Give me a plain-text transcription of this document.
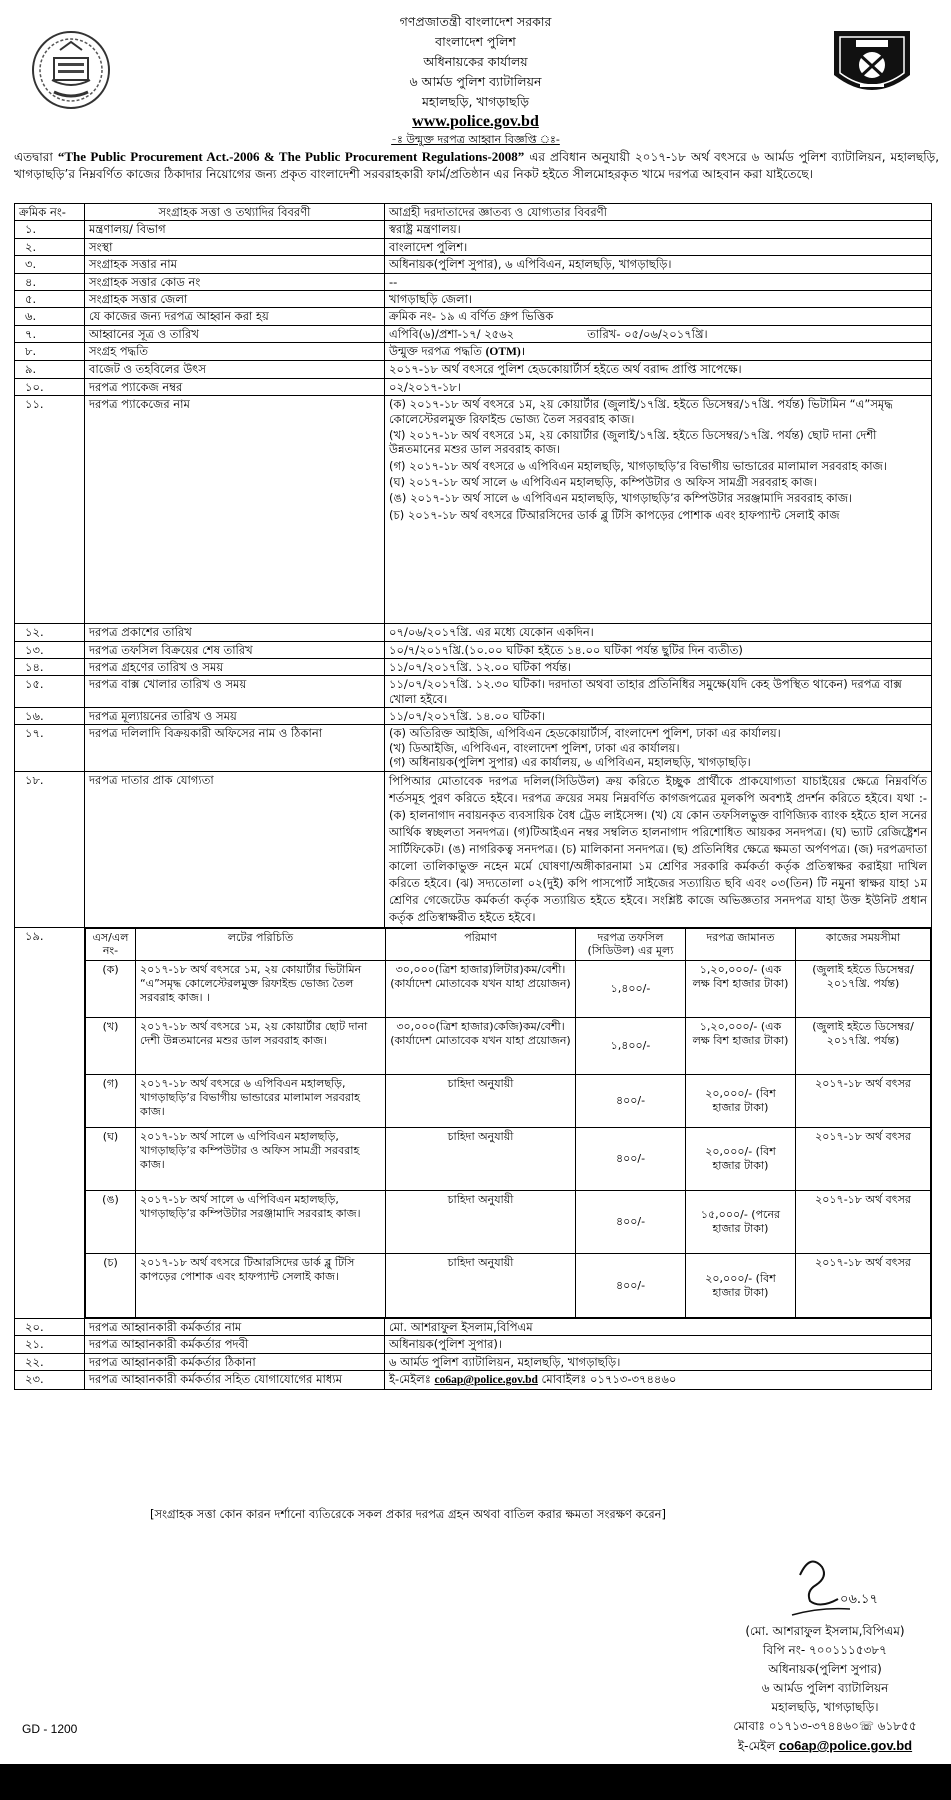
গণপ্রজাতন্ত্রী বাংলাদেশ সরকার
বাংলাদেশ পুলিশ
অধিনায়কের কার্যালয়
৬ আর্মড পুলিশ ব্যাটালিয়ন
মহালছড়ি, খাগড়াছড়ি
www.police.gov.bd
-ঃ উন্মুক্ত দরপত্র আহ্বান বিজ্ঞপ্তি ঃ-
এতদ্বারা “The Public Procurement Act.-2006 & The Public Procurement Regulations-2008” এর প্রবিধান অনুযায়ী ২০১৭-১৮ অর্থ বৎসরে ৬ আর্মড পুলিশ ব্যাটালিয়ন, মহালছড়ি, খাগড়াছড়ি’র নিম্নবর্ণিত কাজের ঠিকাদার নিয়োগের জন্য প্রকৃত বাংলাদেশী সরবরাহকারী ফার্ম/প্রতিষ্ঠান এর নিকট হইতে সীলমোহরকৃত খামে দরপত্র আহবান করা যাইতেছে।
ক্রমিক নং-	সংগ্রাহক সত্তা ও তথ্যাদির বিবরণী	আগ্রহী দরদাতাদের জ্ঞাতব্য ও যোগ্যতার বিবরণী
১.	মন্ত্রণালয়/ বিভাগ	স্বরাষ্ট্র মন্ত্রণালয়।
২.	সংস্থা	বাংলাদেশ পুলিশ।
৩.	সংগ্রাহক সত্তার নাম	অধিনায়ক(পুলিশ সুপার), ৬ এপিবিএন, মহালছড়ি, খাগড়াছড়ি।
৪.	সংগ্রাহক সত্তার কোড নং	--
৫.	সংগ্রাহক সত্তার জেলা	খাগড়াছড়ি জেলা।
৬.	যে কাজের জন্য দরপত্র আহ্বান করা হয়	ক্রমিক নং- ১৯ এ বর্ণিত গ্রুপ ভিত্তিক
৭.	আহ্বানের সূত্র ও তারিখ	এপিবি(৬)/প্রশা-১৭/ ২৫৬২                    তারিখ- ০৫/০৬/২০১৭খ্রি।
৮.	সংগ্রহ পদ্ধতি	উন্মুক্ত দরপত্র পদ্ধতি (OTM)।
৯.	বাজেট ও তহবিলের উৎস	২০১৭-১৮ অর্থ বৎসরে পুলিশ হেডকোয়ার্টার্স হইতে অর্থ বরাদ্দ প্রাপ্তি সাপেক্ষে।
১০.	দরপত্র প্যাকেজ নম্বর	০২/২০১৭-১৮।
১১.	দরপত্র প্যাকেজের নাম	(ক) ২০১৭-১৮ অর্থ বৎসরে ১ম, ২য় কোয়ার্টার (জুলাই/১৭খ্রি. হইতে ডিসেম্বর/১৭খ্রি. পর্যন্ত) ভিটামিন “এ”সমৃদ্ধ কোলেস্টেরলমুক্ত রিফাইন্ড ভোজ্য তৈল সরবরাহ কাজ।

(খ) ২০১৭-১৮ অর্থ বৎসরে ১ম, ২য় কোয়ার্টার (জুলাই/১৭খ্রি. হইতে ডিসেম্বর/১৭খ্রি. পর্যন্ত) ছোট দানা দেশী উন্নতমানের মশুর ডাল সরবরাহ কাজ।

(গ) ২০১৭-১৮ অর্থ বৎসরে ৬ এপিবিএন মহালছড়ি, খাগড়াছড়ি’র বিভাগীয় ভান্ডারের মালামাল সরবরাহ কাজ।

(ঘ) ২০১৭-১৮ অর্থ সালে ৬ এপিবিএন মহালছড়ি, কম্পিউটার ও অফিস সামগ্রী সরবরাহ কাজ।

(ঙ) ২০১৭-১৮ অর্থ সালে ৬ এপিবিএন মহালছড়ি, খাগড়াছড়ি’র কম্পিউটার সরঞ্জামাদি সরবরাহ কাজ।

(চ) ২০১৭-১৮ অর্থ বৎসরে টিআরসিদের ডার্ক ব্লু টিসি কাপড়ের পোশাক এবং হাফপ্যান্ট সেলাই কাজ

১২.	দরপত্র প্রকাশের তারিখ	০৭/০৬/২০১৭খ্রি. এর মধ্যে যেকোন একদিন।
১৩.	দরপত্র তফসিল বিক্রয়ের শেষ তারিখ	১০/৭/২০১৭খ্রি.(১০.০০ ঘটিকা হইতে ১৪.০০ ঘটিকা পর্যন্ত ছুটির দিন ব্যতীত)
১৪.	দরপত্র গ্রহণের তারিখ ও সময়	১১/০৭/২০১৭খ্রি. ১২.০০ ঘটিকা পর্যন্ত।
১৫.	দরপত্র বাক্স খোলার তারিখ ও সময়	১১/০৭/২০১৭খ্রি. ১২.৩০ ঘটিকা। দরদাতা অথবা তাহার প্রতিনিধির সমুক্ষে(যদি কেহ উপস্থিত থাকেন) দরপত্র বাক্স খোলা হইবে।
১৬.	দরপত্র মূল্যায়নের তারিখ ও সময়	১১/০৭/২০১৭খ্রি. ১৪.০০ ঘটিকা।
১৭.	দরপত্র দলিলাদি বিক্রয়কারী অফিসের নাম ও ঠিকানা	(ক) অতিরিক্ত আইজি, এপিবিএন হেডকোয়ার্টার্স, বাংলাদেশ পুলিশ, ঢাকা এর কার্যালয়।
(খ) ডিআইজি, এপিবিএন, বাংলাদেশ পুলিশ, ঢাকা এর কার্যালয়।
(গ) অধিনায়ক(পুলিশ সুপার) এর কার্যালয়, ৬ এপিবিএন, মহালছড়ি, খাগড়াছড়ি।

১৮.	দরপত্র দাতার প্রাক যোগ্যতা	পিপিআর মোতাবেক দরপত্র দলিল(সিডিউল) ক্রয় করিতে ইচ্ছুক প্রার্থীকে প্রাকযোগ্যতা যাচাইয়ের ক্ষেত্রে নিম্নবর্ণিত শর্তসমূহ পুরণ করিতে হইবে। দরপত্র ক্রয়ের সময় নিম্নবর্ণিত কাগজপত্রের মূলকপি অবশ্যই প্রদর্শন করিতে হইবে। যথা :- (ক) হালনাগাদ নবায়নকৃত ব্যবসায়িক বৈধ ট্রেড লাইসেন্স। (খ) যে কোন তফসিলভুক্ত বাণিজ্যিক ব্যাংক হইতে হাল সনের আর্থিক স্বচ্ছলতা সনদপত্র। (গ)টিআইএন নম্বর সম্বলিত হালনাগাদ পরিশোধিত আয়কর সনদপত্র। (ঘ) ভ্যাট রেজিষ্ট্রেশন সার্টিফিকেট। (ঙ) নাগরিকত্ব সনদপত্র। (চ) মালিকানা সনদপত্র। (ছ) প্রতিনিধির ক্ষেত্রে ক্ষমতা অর্পণপত্র। (জ) দরপত্রদাতা কালো তালিকাভুক্ত নহেন মর্মে ঘোষণা/অঙ্গীকারনামা ১ম শ্রেণির সরকারি কর্মকর্তা কর্তৃক প্রতিস্বাক্ষর করাইয়া দাখিল করিতে হইবে। (ঝ) সদ্যতোলা ০২(দুই) কপি পাসপোর্ট সাইজের সত্যায়িত ছবি এবং ০৩(তিন) টি নমুনা স্বাক্ষর যাহা ১ম শ্রেণির গেজেটেড কর্মকর্তা কর্তৃক সত্যায়িত হইতে হইবে। সংশ্লিষ্ট কাজে অভিজ্ঞতার সনদপত্র যাহা উক্ত ইউনিট প্রধান কর্তৃক প্রতিস্বাক্ষরীত হইতে হইবে।
১৯.		এস/এল নং-	লটের পরিচিতি	পরিমাণ	দরপত্র তফসিল (সিডিউল) এর মূল্য	দরপত্র জামানত	কাজের সময়সীমা
(ক)	২০১৭-১৮ অর্থ বৎসরে ১ম, ২য় কোয়ার্টার ভিটামিন “এ”সমৃদ্ধ কোলেস্টেরলমুক্ত রিফাইন্ড ভোজ্য তৈল সরবরাহ কাজ। ।	৩০,০০০(ত্রিশ হাজার)লিটার)কম/বেশী। (কার্যাদেশ মোতাবেক যখন যাহা প্রয়োজন)	১,৪০০/-	১,২০,০০০/- (এক লক্ষ বিশ হাজার টাকা)	(জুলাই হইতে ডিসেম্বর/২০১৭খ্রি. পর্যন্ত)
(খ)	২০১৭-১৮ অর্থ বৎসরে ১ম, ২য় কোয়ার্টার ছোট দানা দেশী উন্নতমানের মশুর ডাল সরবরাহ কাজ।	৩০,০০০(ত্রিশ হাজার)কেজি)কম/বেশী। (কার্যাদেশ মোতাবেক যখন যাহা প্রয়োজন)	১,৪০০/-	১,২০,০০০/- (এক লক্ষ বিশ হাজার টাকা)	(জুলাই হইতে ডিসেম্বর/২০১৭খ্রি. পর্যন্ত)
(গ)	২০১৭-১৮ অর্থ বৎসরে ৬ এপিবিএন মহালছড়ি, খাগড়াছড়ি’র বিভাগীয় ভান্ডারের মালামাল সরবরাহ কাজ।	চাহিদা অনুযায়ী	৪০০/-	২০,০০০/- (বিশ হাজার টাকা)	২০১৭-১৮ অর্থ বৎসর
(ঘ)	২০১৭-১৮ অর্থ সালে ৬ এপিবিএন মহালছড়ি, খাগড়াছড়ি’র কম্পিউটার ও অফিস সামগ্রী সরবরাহ কাজ।	চাহিদা অনুযায়ী	৪০০/-	২০,০০০/- (বিশ হাজার টাকা)	২০১৭-১৮ অর্থ বৎসর
(ঙ)	২০১৭-১৮ অর্থ সালে ৬ এপিবিএন মহালছড়ি, খাগড়াছড়ি’র কম্পিউটার সরঞ্জামাদি সরবরাহ কাজ।	চাহিদা অনুযায়ী	৪০০/-	১৫,০০০/- (পনের হাজার টাকা)	২০১৭-১৮ অর্থ বৎসর
(চ)	২০১৭-১৮ অর্থ বৎসরে টিআরসিদের ডার্ক ব্লু টিসি কাপড়ের পোশাক এবং হাফপ্যান্ট সেলাই কাজ।	চাহিদা অনুযায়ী	৪০০/-	২০,০০০/- (বিশ হাজার টাকা)	২০১৭-১৮ অর্থ বৎসর

২০.	দরপত্র আহ্বানকারী কর্মকর্তার নাম	মো. আশরাফুল ইসলাম,বিপিএম
২১.	দরপত্র আহ্বানকারী কর্মকর্তার পদবী	অধিনায়ক(পুলিশ সুপার)।
২২.	দরপত্র আহ্বানকারী কর্মকর্তার ঠিকানা	৬ আর্মড পুলিশ ব্যাটালিয়ন, মহালছড়ি, খাগড়াছড়ি।
২৩.	দরপত্র আহ্বানকারী কর্মকর্তার সহিত যোগাযোগের মাধ্যম	ই-মেইলঃ co6ap@police.gov.bd মোবাইলঃ ০১৭১৩-৩৭৪৪৬০
[সংগ্রাহক সত্তা কোন কারন দর্শানো ব্যতিরেকে সকল প্রকার দরপত্র গ্রহন অথবা বাতিল করার ক্ষমতা সংরক্ষণ করেন]
০৬.১৭
(মো. আশরাফুল ইসলাম,বিপিএম)
বিপি নং- ৭০০১১১৫৩৮৭
অধিনায়ক(পুলিশ সুপার)
৬ আর্মড পুলিশ ব্যাটালিয়ন
মহালছড়ি, খাগড়াছড়ি।
মোবাঃ ০১৭১৩-৩৭৪৪৬০☏ ৬১৮৫৫
ই-মেইল co6ap@police.gov.bd
GD - 1200
